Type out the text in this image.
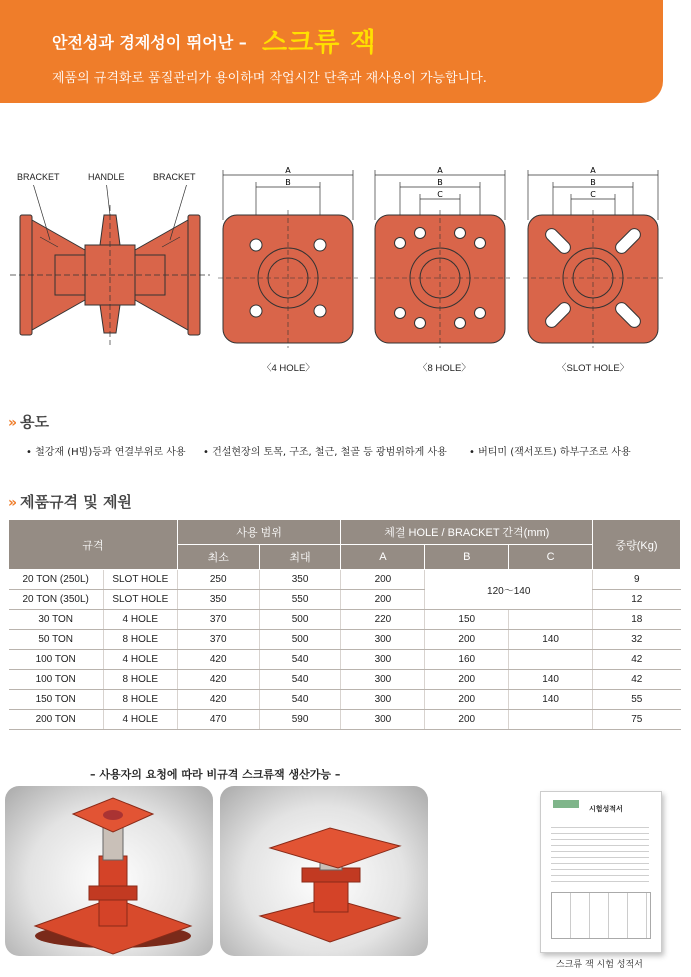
안전성과 경제성이 뛰어난 – 스크류 잭
제품의 규격화로 품질관리가 용이하며 작업시간 단축과 재사용이 가능합니다.
BRACKET	HANDLE	BRACKET
A
B
A
B
C
A
B
C
〈4 HOLE〉	〈8 HOLE〉	〈SLOT HOLE〉
» 용도
• 철강재 (H빔)등과 연결부위로 사용 • 건설현장의 토목, 구조, 철근, 철골 등 광범위하게 사용 • 버티미 (잭서포트) 하부구조로 사용
» 제품규격 및 제원
규격		사용 범위		체결 HOLE / BRACKET 간격(mm)			중량(Kg)
		최소	최대	A	B	C	
20 TON (250L)	SLOT HOLE	250	350	200	120～140		9
20 TON (350L)	SLOT HOLE	350	550	200			12
30 TON	4 HOLE	370	500	220	150		18
50 TON	8 HOLE	370	500	300	200	140	32
100 TON	4 HOLE	420	540	300	160		42
100 TON	8 HOLE	420	540	300	200	140	42
150 TON	8 HOLE	420	540	300	200	140	55
200 TON	4 HOLE	470	590	300	200		75
– 사용자의 요청에 따라 비규격 스크류잭 생산가능 –
시험성적서
스크류 잭 시험 성적서
